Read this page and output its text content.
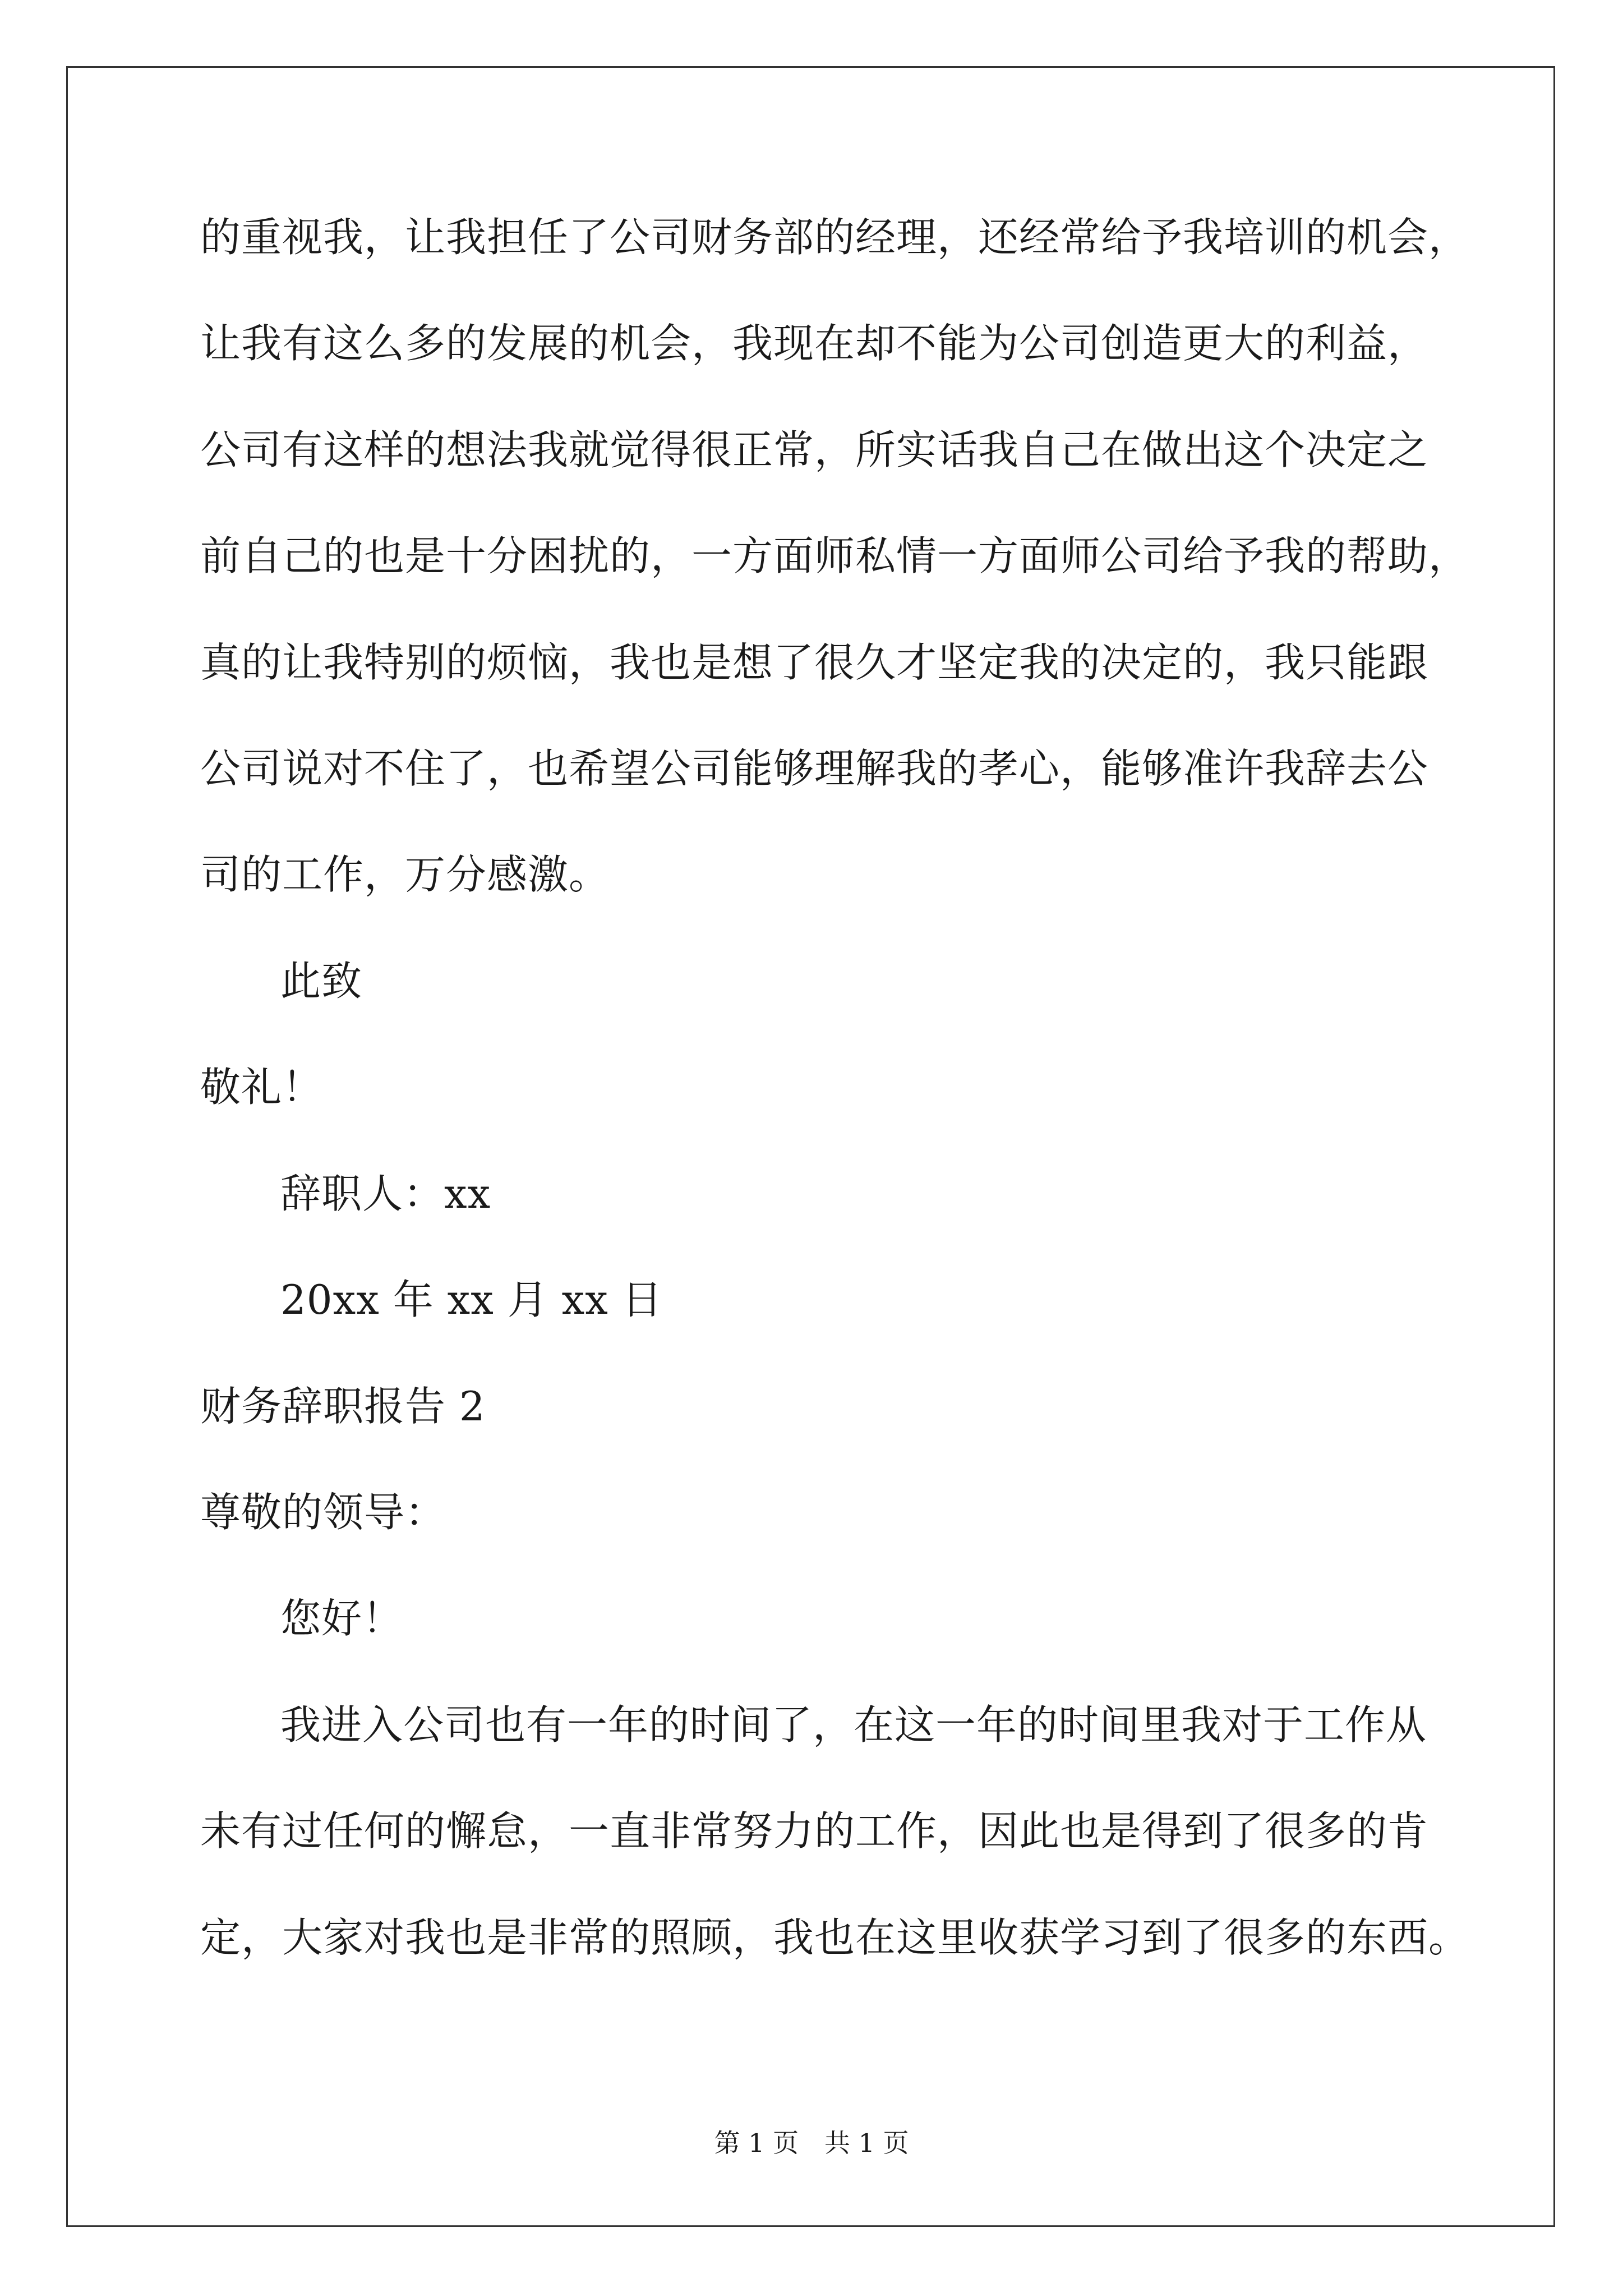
的重视我，让我担任了公司财务部的经理，还经常给予我培训的机会，
让我有这么多的发展的机会，我现在却不能为公司创造更大的利益，
公司有这样的想法我就觉得很正常，所实话我自己在做出这个决定之
前自己的也是十分困扰的，一方面师私情一方面师公司给予我的帮助，
真的让我特别的烦恼，我也是想了很久才坚定我的决定的，我只能跟
公司说对不住了，也希望公司能够理解我的孝心，能够准许我辞去公
司的工作，万分感激。
此致
敬礼！
辞职人：xx
20xx 年 xx 月 xx 日
财务辞职报告 2
尊敬的领导：
您好！
我进入公司也有一年的时间了，在这一年的时间里我对于工作从
未有过任何的懈怠，一直非常努力的工作，因此也是得到了很多的肯
定，大家对我也是非常的照顾，我也在这里收获学习到了很多的东西。
第 1 页　共 1 页
